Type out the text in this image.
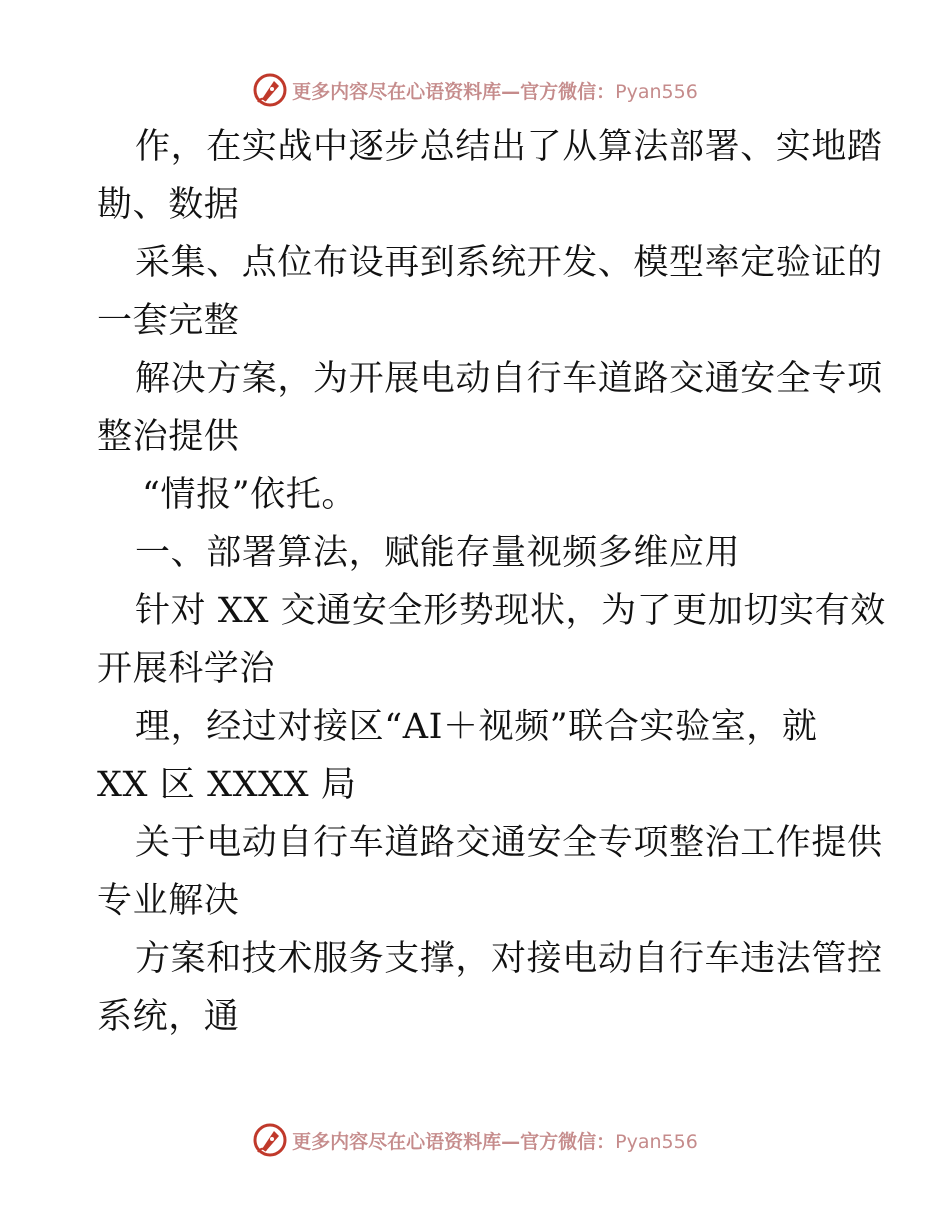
更多内容尽在心语资料库—官方微信：Pyan556
作，在实战中逐步总结出了从算法部署、实地踏
勘、数据
采集、点位布设再到系统开发、模型率定验证的
一套完整
解决方案，为开展电动自行车道路交通安全专项
整治提供
“情报”依托。
一、部署算法，赋能存量视频多维应用
针对 XX 交通安全形势现状，为了更加切实有效
开展科学治
理，经过对接区“AI＋视频”联合实验室，就
XX 区 XXXX 局
关于电动自行车道路交通安全专项整治工作提供
专业解决
方案和技术服务支撑，对接电动自行车违法管控
系统，通
更多内容尽在心语资料库—官方微信：Pyan556
